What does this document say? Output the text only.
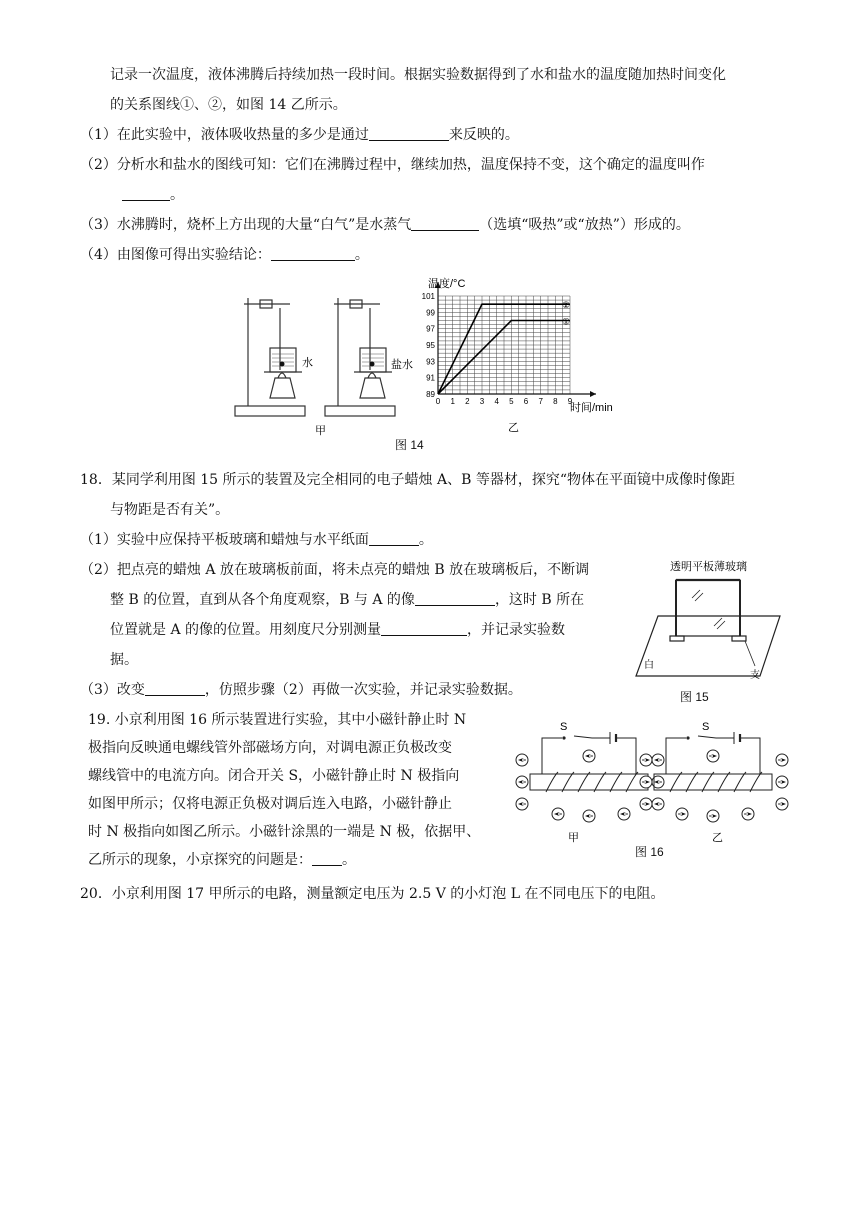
记录一次温度，液体沸腾后持续加热一段时间。根据实验数据得到了水和盐水的温度随加热时间变化
的关系图线①、②，如图 14 乙所示。
（1）在此实验中，液体吸收热量的多少是通过	来反映的。
（2）分析水和盐水的图线可知：它们在沸腾过程中，继续加热，温度保持不变，这个确定的温度叫作
。
（3）水沸腾时，烧杯上方出现的大量“白气”是水蒸气	（选填“吸热”或“放热”）形成的。
（4）由图像可得出实验结论：	。
水	盐水
甲
101
99
97
95
93
91
89
0 1 2 3 4 5 6 7 8 9
②
①
温度/°C
时间/min
乙
图 14
18．某同学利用图 15 所示的装置及完全相同的电子蜡烛 A、B 等器材，探究“物体在平面镜中成像时像距
与物距是否有关”。
（1）实验中应保持平板玻璃和蜡烛与水平纸面	。
（2）把点亮的蜡烛 A 放在玻璃板前面，将未点亮的蜡烛 B 放在玻璃板后，不断调
整 B 的位置，直到从各个角度观察，B 与 A 的像	，这时 B 所在
位置就是 A 的像的位置。用刻度尺分别测量	，并记录实验数
据。
（3）改变	，仿照步骤（2）再做一次实验，并记录实验数据。
透明平板薄玻璃
白
支
图 15
19. 小京利用图 16 所示装置进行实验，其中小磁针静止时 N
极指向反映通电螺线管外部磁场方向，对调电源正负极改变
螺线管中的电流方向。闭合开关 S，小磁针静止时 N 极指向
如图甲所示；仅将电源正负极对调后连入电路，小磁针静止
时 N 极指向如图乙所示。小磁针涂黑的一端是 N 极，依据甲、
乙所示的现象，小京探究的问题是： 。
S	S
甲	乙
图 16
20．小京利用图 17 甲所示的电路，测量额定电压为 2.5 V 的小灯泡 L 在不同电压下的电阻。
